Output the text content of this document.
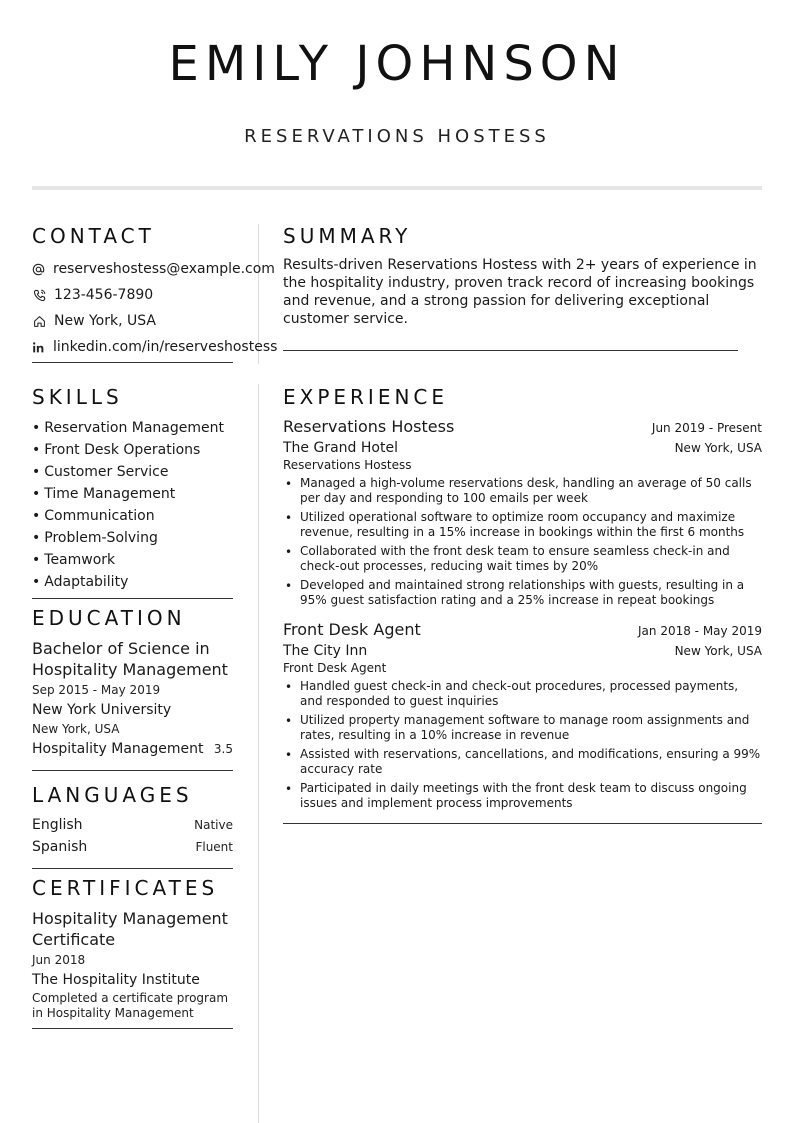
EMILY JOHNSON
RESERVATIONS HOSTESS
CONTACT
reserveshostess@example.com
123-456-7890
New York, USA
linkedin.com/in/reserveshostess
SUMMARY

Results-driven Reservations Hostess with 2+ years of experience in the hospitality industry, proven track record of increasing bookings and revenue, and a strong passion for delivering exceptional customer service.

SKILLS
• Reservation Management
• Front Desk Operations
• Customer Service
• Time Management
• Communication
• Problem-Solving
• Teamwork
• Adaptability
EDUCATION
Bachelor of Science in Hospitality Management
Sep 2015 - May 2019
New York University
New York, USA
Hospitality Management 3.5
LANGUAGES
English	Native
Spanish	Fluent
CERTIFICATES
Hospitality Management Certificate
Jun 2018
The Hospitality Institute
Completed a certificate program in Hospitality Management
EXPERIENCE
Reservations Hostess	Jun 2019 - Present
The Grand Hotel	New York, USA
Reservations Hostess
• Managed a high-volume reservations desk, handling an average of 50 calls per day and responding to 100 emails per week
• Utilized operational software to optimize room occupancy and maximize revenue, resulting in a 15% increase in bookings within the first 6 months
• Collaborated with the front desk team to ensure seamless check-in and check-out processes, reducing wait times by 20%
• Developed and maintained strong relationships with guests, resulting in a 95% guest satisfaction rating and a 25% increase in repeat bookings
Front Desk Agent	Jan 2018 - May 2019
The City Inn	New York, USA
Front Desk Agent
• Handled guest check-in and check-out procedures, processed payments, and responded to guest inquiries
• Utilized property management software to manage room assignments and rates, resulting in a 10% increase in revenue
• Assisted with reservations, cancellations, and modifications, ensuring a 99% accuracy rate
• Participated in daily meetings with the front desk team to discuss ongoing issues and implement process improvements
